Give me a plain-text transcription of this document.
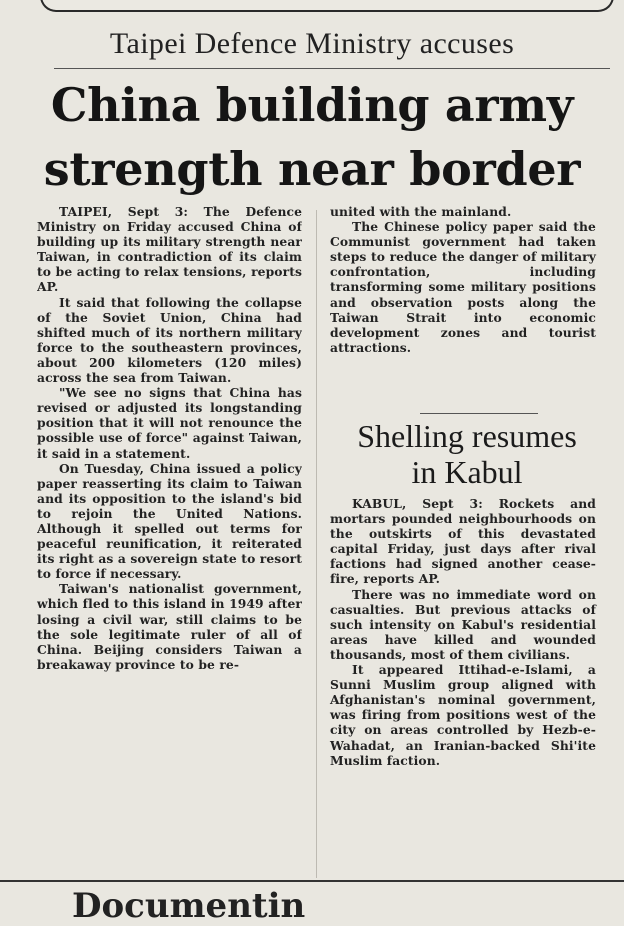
Taipei Defence Ministry accuses
China building army
strength near border

TAIPEI, Sept 3: The Defence Ministry on Friday accused China of building up its military strength near Taiwan, in contradiction of its claim to be acting to relax tensions, reports AP.

It said that following the collapse of the Soviet Union, China had shifted much of its northern military force to the southeastern provinces, about 200 kilometers (120 miles) across the sea from Taiwan.

"We see no signs that China has revised or adjusted its longstanding position that it will not renounce the possible use of force" against Taiwan, it said in a statement.

On Tuesday, China issued a policy paper reasserting its claim to Taiwan and its opposition to the island's bid to rejoin the United Nations. Although it spelled out terms for peaceful reunification, it reiterated its right as a sovereign state to resort to force if necessary.

Taiwan's nationalist government, which fled to this island in 1949 after losing a civil war, still claims to be the sole legitimate ruler of all of China. Beijing considers Taiwan a breakaway province to be re-

united with the mainland.

The Chinese policy paper said the Communist government had taken steps to reduce the danger of military confrontation, including transforming some military positions and observation posts along the Taiwan Strait into economic development zones and tourist attractions.

Shelling resumes
in Kabul

KABUL, Sept 3: Rockets and mortars pounded neighbourhoods on the outskirts of this devastated capital Friday, just days after rival factions had signed another cease-fire, reports AP.

There was no immediate word on casualties. But previous attacks of such intensity on Kabul's residential areas have killed and wounded thousands, most of them civilians.

It appeared Ittihad-e-Islami, a Sunni Muslim group aligned with Afghanistan's nominal government, was firing from positions west of the city on areas controlled by Hezb-e-Wahadat, an Iranian-backed Shi'ite Muslim faction.

Documentin
